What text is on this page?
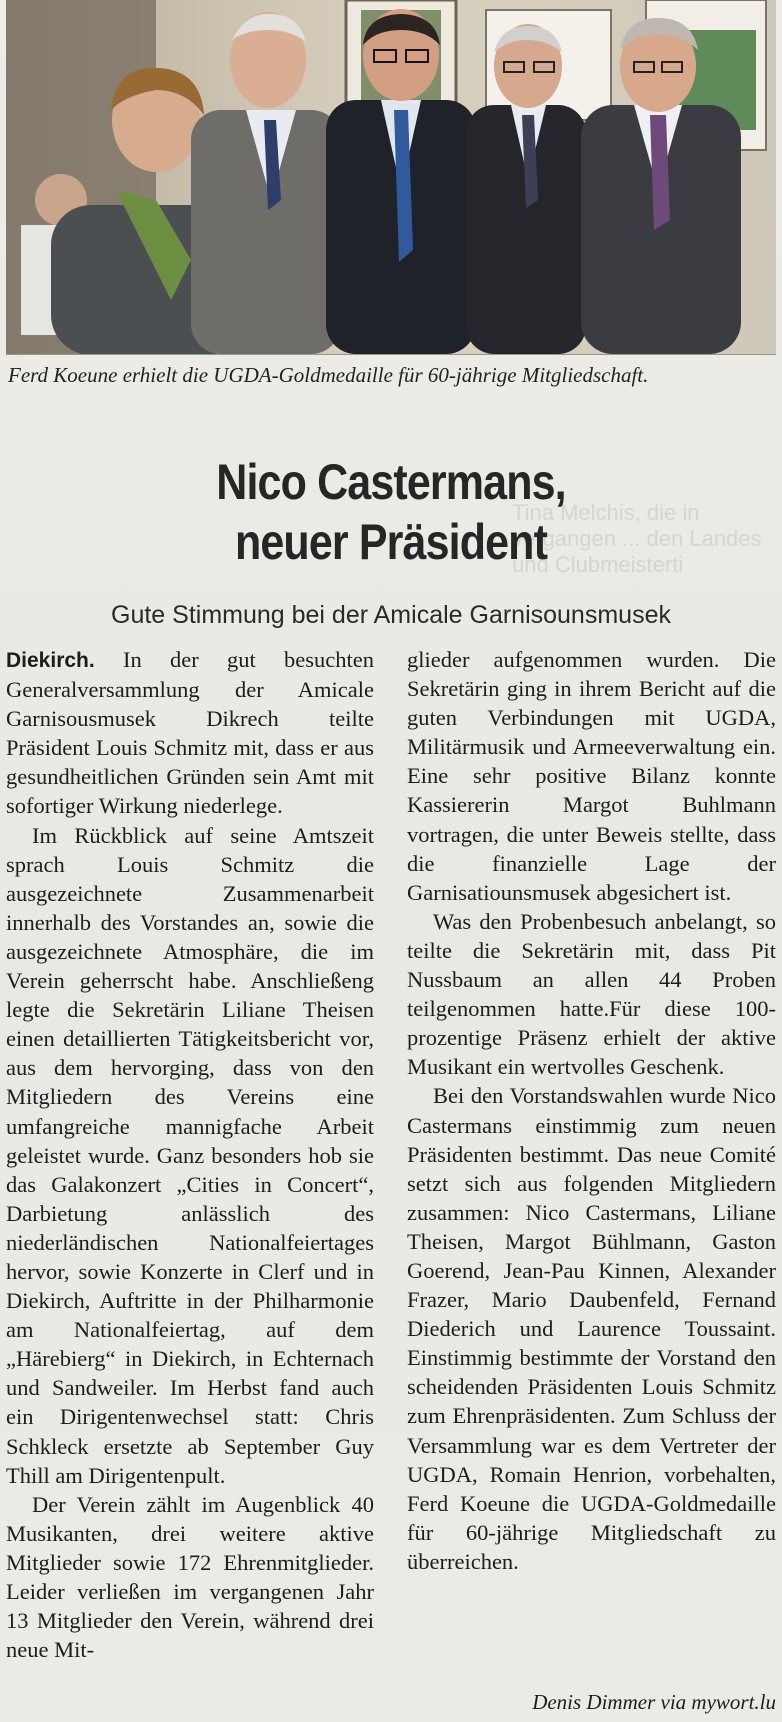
Ferd Koeune erhielt die UGDA-Goldmedaille für 60-jährige Mitgliedschaft.
Tina Melchis, die in vergangen ... den Landes und Clubmeisterti
Nico Castermans,
neuer Präsident
Gute Stimmung bei der Amicale Garnisounsmusek

Diekirch. In der gut besuchten Generalversammlung der Amicale Garnisousmusek Dikrech teilte Präsident Louis Schmitz mit, dass er aus gesundheitlichen Gründen sein Amt mit sofortiger Wirkung niederlege.

Im Rückblick auf seine Amtszeit sprach Louis Schmitz die ausgezeichnete Zusammenarbeit innerhalb des Vorstandes an, sowie die ausgezeichnete Atmosphäre, die im Verein geherrscht habe. Anschließeng legte die Sekretärin Liliane Theisen einen detaillierten Tätigkeitsbericht vor, aus dem hervorging, dass von den Mitgliedern des Vereins eine umfangreiche mannigfache Arbeit geleistet wurde. Ganz besonders hob sie das Galakonzert „Cities in Concert“, Darbietung anlässlich des niederländischen Nationalfeiertages hervor, sowie Konzerte in Clerf und in Diekirch, Auftritte in der Philharmonie am Nationalfeiertag, auf dem „Härebierg“ in Diekirch, in Echternach und Sandweiler. Im Herbst fand auch ein Dirigentenwechsel statt: Chris Schkleck ersetzte ab September Guy Thill am Dirigentenpult.

Der Verein zählt im Augenblick 40 Musikanten, drei weitere aktive Mitglieder sowie 172 Ehrenmitglieder. Leider verließen im vergangenen Jahr 13 Mitglieder den Verein, während drei neue Mit-

glieder aufgenommen wurden. Die Sekretärin ging in ihrem Bericht auf die guten Verbindungen mit UGDA, Militärmusik und Armeeverwaltung ein. Eine sehr positive Bilanz konnte Kassiererin Margot Buhlmann vortragen, die unter Beweis stellte, dass die finanzielle Lage der Garnisatiounsmusek abgesichert ist.

Was den Probenbesuch anbelangt, so teilte die Sekretärin mit, dass Pit Nussbaum an allen 44 Proben teilgenommen hatte.Für diese 100-prozentige Präsenz erhielt der aktive Musikant ein wertvolles Geschenk.

Bei den Vorstandswahlen wurde Nico Castermans einstimmig zum neuen Präsidenten bestimmt. Das neue Comité setzt sich aus folgenden Mitgliedern zusammen: Nico Castermans, Liliane Theisen, Margot Bühlmann, Gaston Goerend, Jean-Pau Kinnen, Alexander Frazer, Mario Daubenfeld, Fernand Diederich und Laurence Toussaint. Einstimmig bestimmte der Vorstand den scheidenden Präsidenten Louis Schmitz zum Ehrenpräsidenten. Zum Schluss der Versammlung war es dem Vertreter der UGDA, Romain Henrion, vorbehalten, Ferd Koeune die UGDA-Goldmedaille für 60-jährige Mitgliedschaft zu überreichen.

Denis Dimmer via mywort.lu
